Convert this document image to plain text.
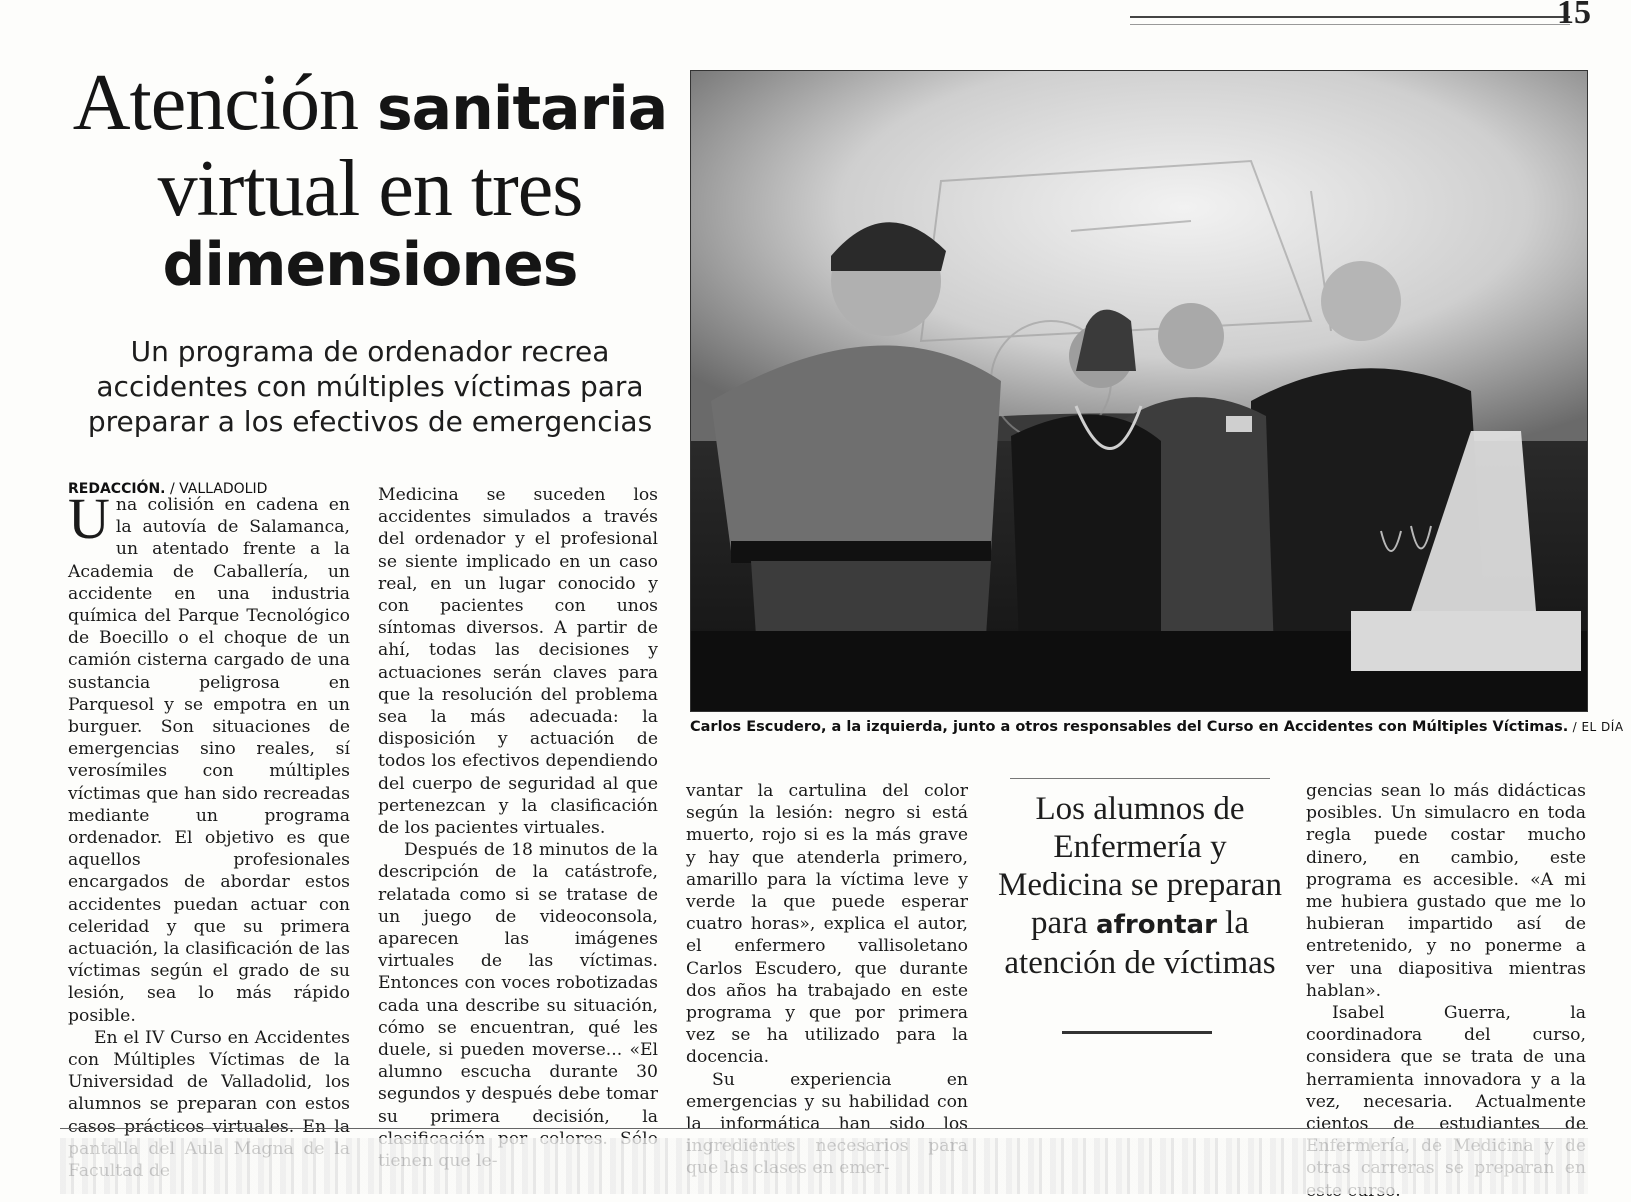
15
Atención sanitaria
virtual en tres
dimensiones
Un programa de ordenador recrea accidentes con múltiples víctimas para preparar a los efectivos de emergencias
Carlos Escudero, a la izquierda, junto a otros responsables del Curso en Accidentes con Múltiples Víctimas. / EL DÍA
REDACCIÓN. / VALLADOLID

Una colisión en cadena en la autovía de Salamanca, un atentado frente a la Academia de Caballería, un accidente en una industria química del Parque Tecnológico de Boecillo o el choque de un camión cisterna cargado de una sustancia peligrosa en Parquesol y se empotra en un burguer. Son situaciones de emergencias sino reales, sí verosímiles con múltiples víctimas que han sido recreadas mediante un programa ordenador. El objetivo es que aquellos profesionales encargados de abordar estos accidentes puedan actuar con celeridad y que su primera actuación, la clasificación de las víctimas según el grado de su lesión, sea lo más rápido posible.

En el IV Curso en Accidentes con Múltiples Víctimas de la Universidad de Valladolid, los alumnos se preparan con estos casos prácticos virtuales. En la

Medicina se suceden los accidentes simulados a través del ordenador y el profesional se siente implicado en un caso real, en un lugar conocido y con pacientes con unos síntomas diversos. A partir de ahí, todas las decisiones y actuaciones serán claves para que la resolución del problema sea la más adecuada: la disposición y actuación de todos los efectivos dependiendo del cuerpo de seguridad al que pertenezcan y la clasificación de los pacientes virtuales.

Después de 18 minutos de la descripción de la catástrofe, relatada como si se tratase de un juego de videoconsola, aparecen las imágenes virtuales de las víctimas. Entonces con voces robotizadas cada una describe su situación, cómo se encuentran, qué les duele, si pueden moverse... «El alumno escucha durante 30 segundos y después debe tomar su primera decisión, la

vantar la cartulina del color según la lesión: negro si está muerto, rojo si es la más grave y hay que atenderla primero, amarillo para la víctima leve y verde la que puede esperar cuatro horas», explica el autor, el enfermero vallisoletano Carlos Escudero, que durante dos años ha trabajado en este programa y que por primera vez se ha utilizado para la docencia.

Su experiencia en emergencias y su habilidad con la informática han sido los

Los alumnos de Enfermería y Medicina se preparan para afrontar la atención de víctimas

gencias sean lo más didácticas posibles. Un simulacro en toda regla puede costar mucho dinero, en cambio, este programa es accesible. «A mi me hubiera gustado que me lo hubieran impartido así de entretenido, y no ponerme a ver una diapositiva mientras hablan».

Isabel Guerra, la coordinadora del curso, considera que se trata de una herramienta innovadora y a la vez, necesaria. Actualmente cientos de estudiantes de
